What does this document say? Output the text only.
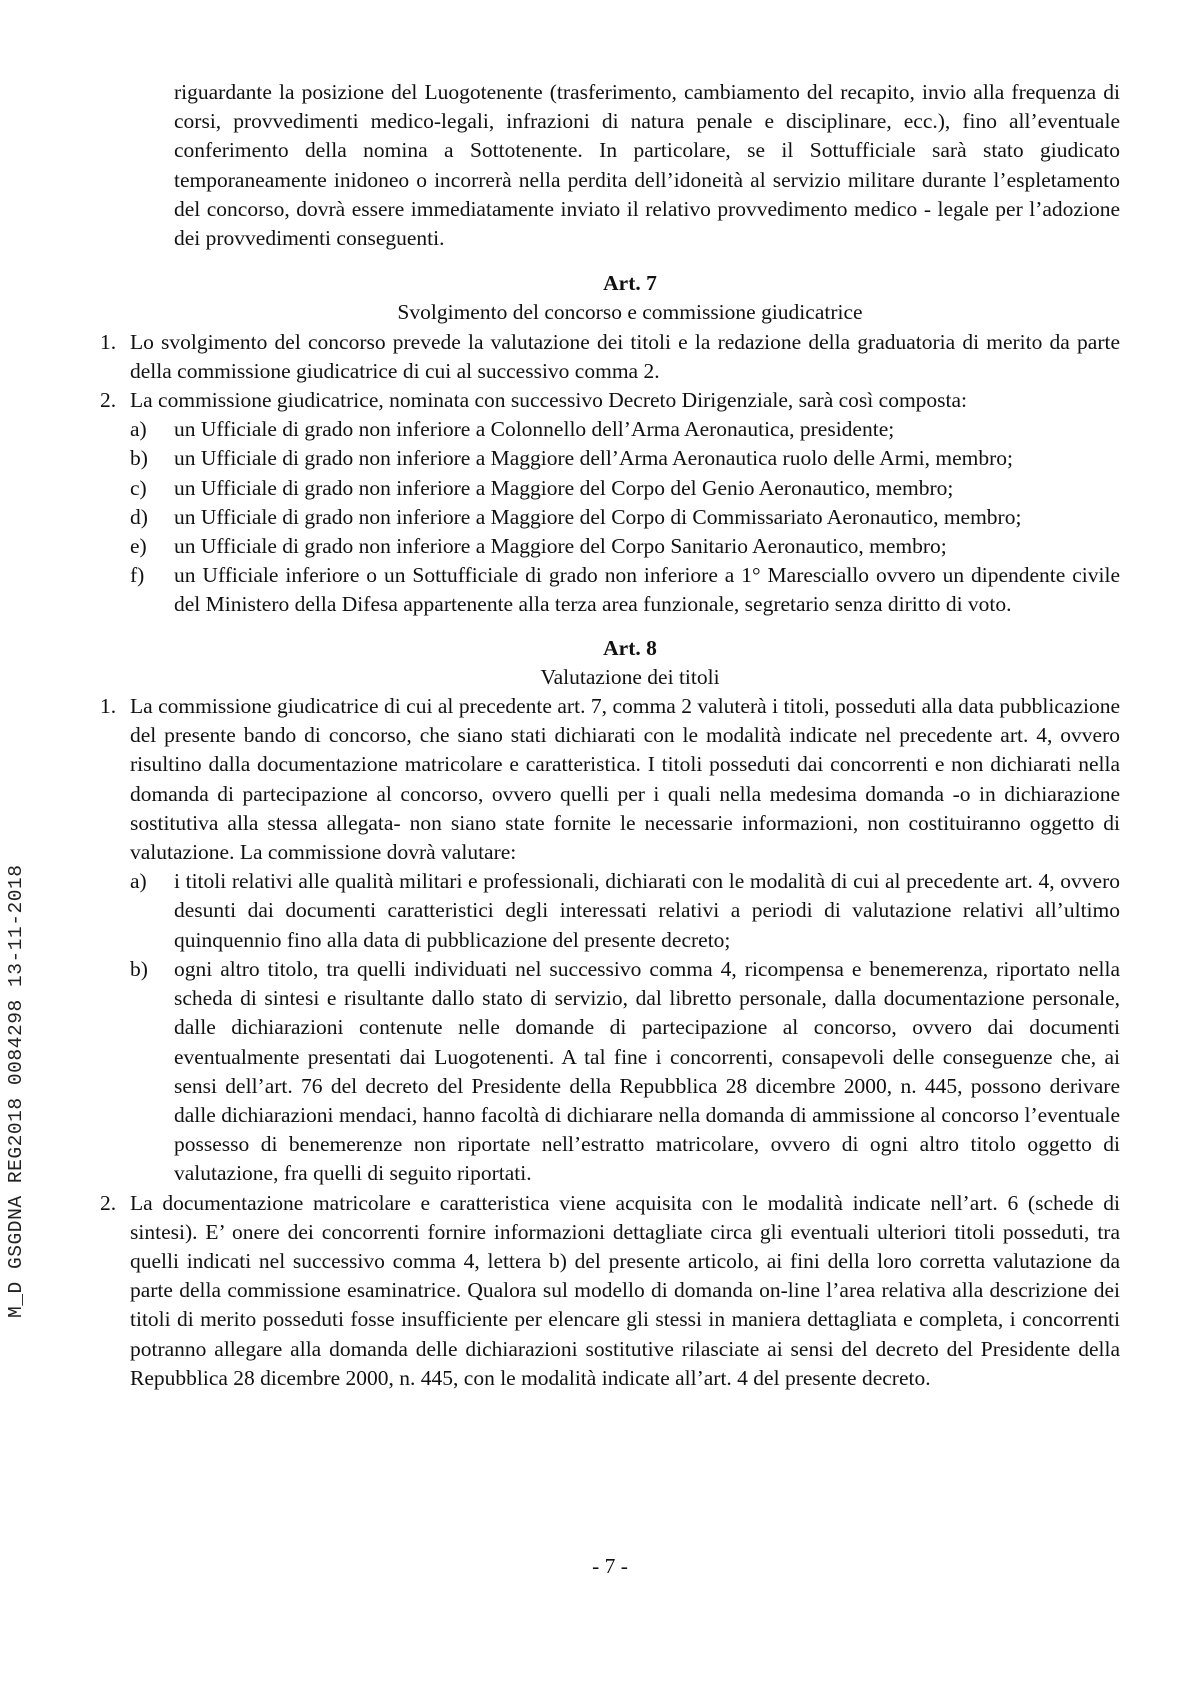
M_D GSGDNA REG2018 0084298 13-11-2018

riguardante la posizione del Luogotenente (trasferimento, cambiamento del recapito, invio alla frequenza di corsi, provvedimenti medico-legali, infrazioni di natura penale e disciplinare, ecc.), fino all’eventuale conferimento della nomina a Sottotenente. In particolare, se il Sottufficiale sarà stato giudicato temporaneamente inidoneo o incorrerà nella perdita dell’idoneità al servizio militare durante l’espletamento del concorso, dovrà essere immediatamente inviato il relativo provvedimento medico - legale per l’adozione dei provvedimenti conseguenti.

Art. 7

Svolgimento del concorso e commissione giudicatrice

1. Lo svolgimento del concorso prevede la valutazione dei titoli e la redazione della graduatoria di merito da parte della commissione giudicatrice di cui al successivo comma 2.

2. La commissione giudicatrice, nominata con successivo Decreto Dirigenziale, sarà così composta:

a) un Ufficiale di grado non inferiore a Colonnello dell’Arma Aeronautica, presidente;

b) un Ufficiale di grado non inferiore a Maggiore dell’Arma Aeronautica ruolo delle Armi, membro;

c) un Ufficiale di grado non inferiore a Maggiore del Corpo del Genio Aeronautico, membro;

d) un Ufficiale di grado non inferiore a Maggiore del Corpo di Commissariato Aeronautico, membro;

e) un Ufficiale di grado non inferiore a Maggiore del Corpo Sanitario Aeronautico, membro;

f) un Ufficiale inferiore o un Sottufficiale di grado non inferiore a 1° Maresciallo ovvero un dipendente civile del Ministero della Difesa appartenente alla terza area funzionale, segretario senza diritto di voto.

Art. 8

Valutazione dei titoli

1. La commissione giudicatrice di cui al precedente art. 7, comma 2 valuterà i titoli, posseduti alla data pubblicazione del presente bando di concorso, che siano stati dichiarati con le modalità indicate nel precedente art. 4, ovvero risultino dalla documentazione matricolare e caratteristica. I titoli posseduti dai concorrenti e non dichiarati nella domanda di partecipazione al concorso, ovvero quelli per i quali nella medesima domanda -o in dichiarazione sostitutiva alla stessa allegata- non siano state fornite le necessarie informazioni, non costituiranno oggetto di valutazione. La commissione dovrà valutare:

a) i titoli relativi alle qualità militari e professionali, dichiarati con le modalità di cui al precedente art. 4, ovvero desunti dai documenti caratteristici degli interessati relativi a periodi di valutazione relativi all’ultimo quinquennio fino alla data di pubblicazione del presente decreto;

b) ogni altro titolo, tra quelli individuati nel successivo comma 4, ricompensa e benemerenza, riportato nella scheda di sintesi e risultante dallo stato di servizio, dal libretto personale, dalla documentazione personale, dalle dichiarazioni contenute nelle domande di partecipazione al concorso, ovvero dai documenti eventualmente presentati dai Luogotenenti. A tal fine i concorrenti, consapevoli delle conseguenze che, ai sensi dell’art. 76 del decreto del Presidente della Repubblica 28 dicembre 2000, n. 445, possono derivare dalle dichiarazioni mendaci, hanno facoltà di dichiarare nella domanda di ammissione al concorso l’eventuale possesso di benemerenze non riportate nell’estratto matricolare, ovvero di ogni altro titolo oggetto di valutazione, fra quelli di seguito riportati.

2. La documentazione matricolare e caratteristica viene acquisita con le modalità indicate nell’art. 6 (schede di sintesi). E’ onere dei concorrenti fornire informazioni dettagliate circa gli eventuali ulteriori titoli posseduti, tra quelli indicati nel successivo comma 4, lettera b) del presente articolo, ai fini della loro corretta valutazione da parte della commissione esaminatrice. Qualora sul modello di domanda on-line l’area relativa alla descrizione dei titoli di merito posseduti fosse insufficiente per elencare gli stessi in maniera dettagliata e completa, i concorrenti potranno allegare alla domanda delle dichiarazioni sostitutive rilasciate ai sensi del decreto del Presidente della Repubblica 28 dicembre 2000, n. 445, con le modalità indicate all’art. 4 del presente decreto.

- 7 -
